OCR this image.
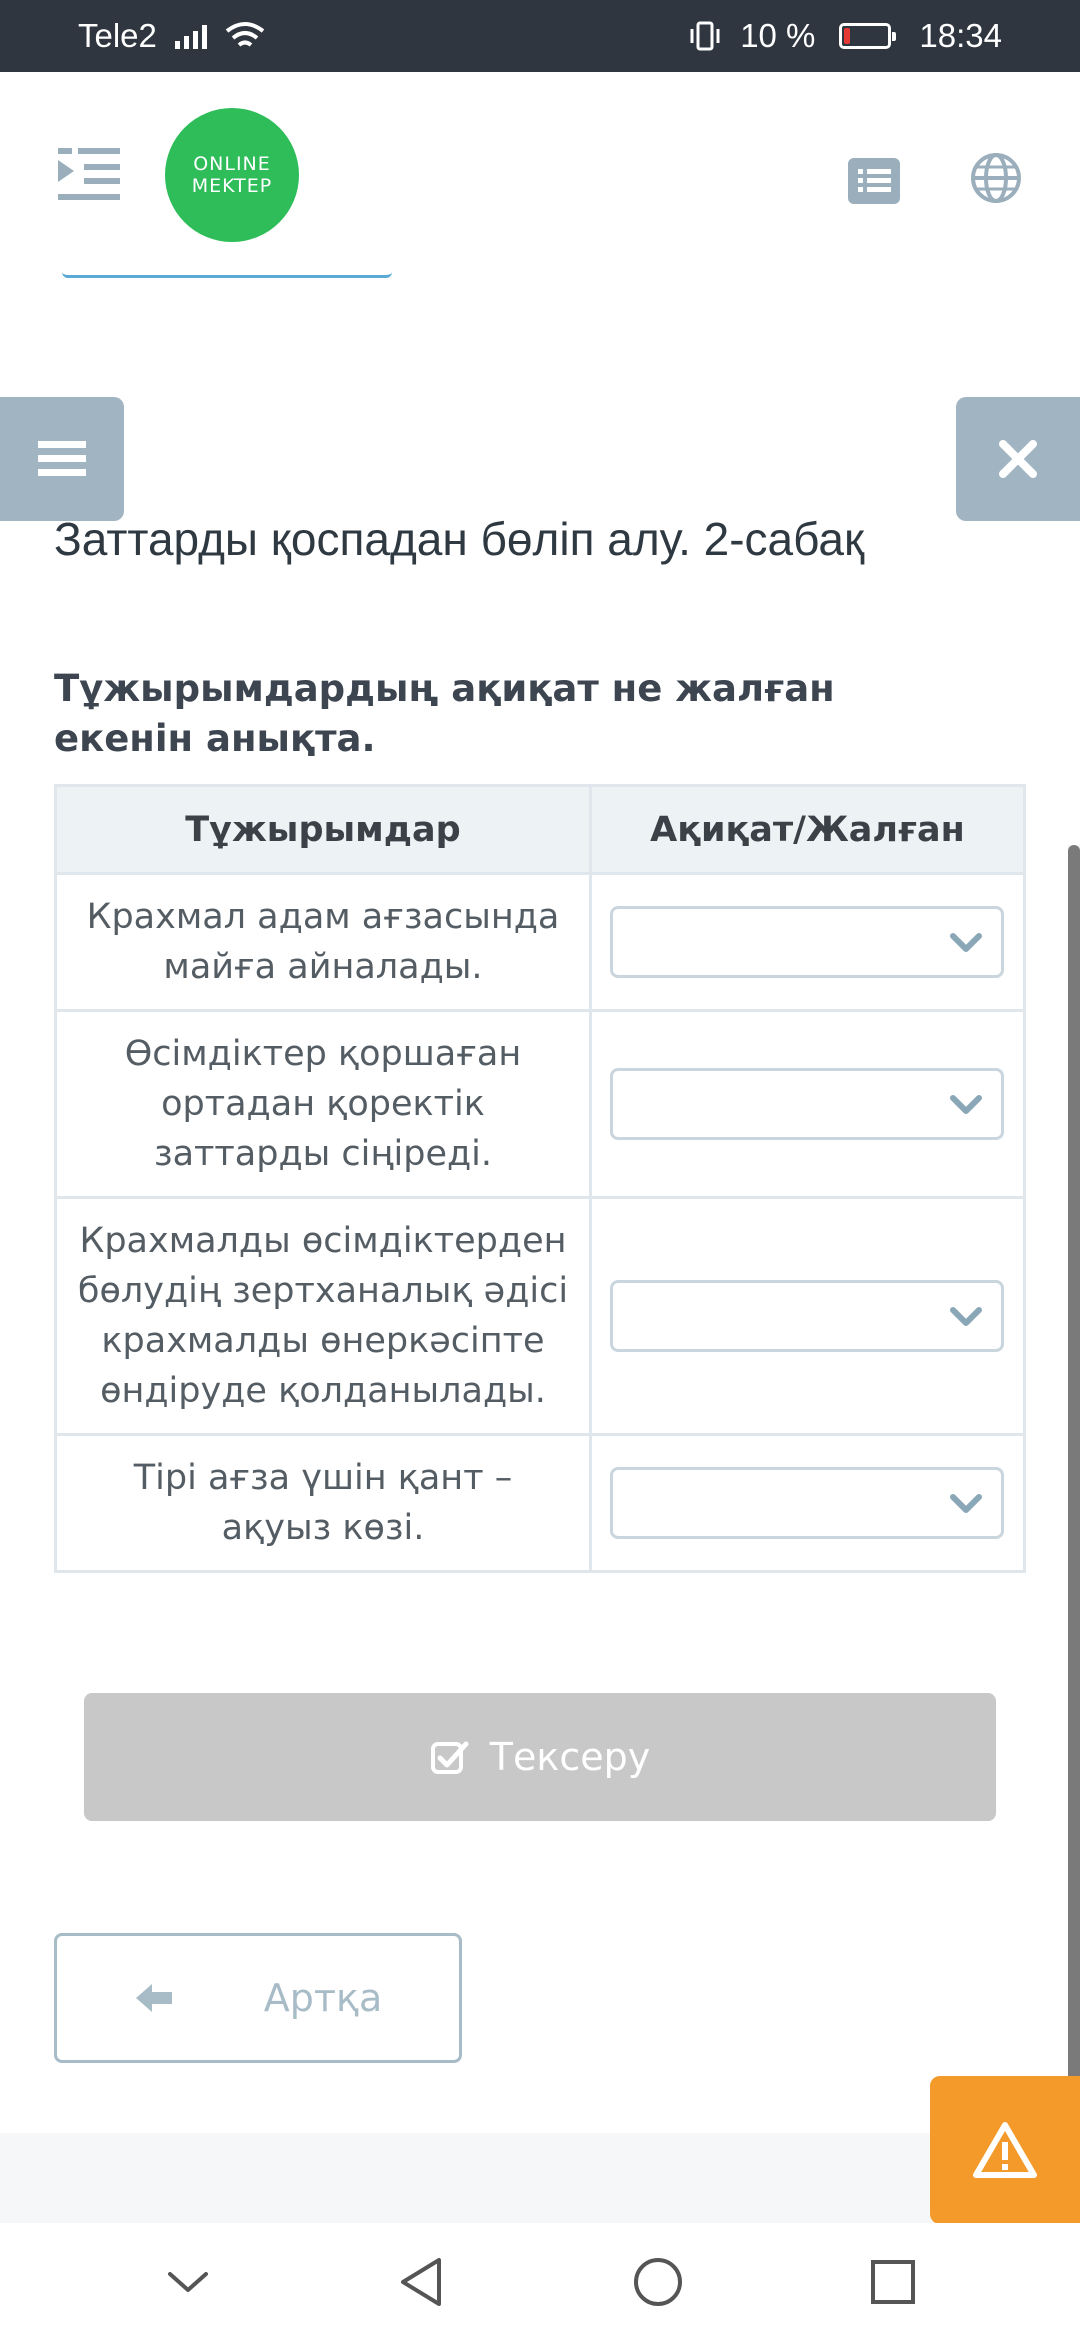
Tele2	10 %	18:34
ONLINE
MEKTEP
Заттарды қоспадан бөліп алу. 2-сабақ
Тұжырымдардың ақиқат не жалған екенін анықта.
Тұжырымдар	Ақиқат/Жалған
Крахмал адам ағзасында майға айналады.	

Өсімдіктер қоршаған ортадан қоректік заттарды сіңіреді.	

Крахмалды өсімдіктерден бөлудің зертханалық әдісі крахмалды өнеркәсіпте өндіруде қолданылады.	

Тірі ағза үшін қант – ақуыз көзі.	
Тексеру
Артқа
